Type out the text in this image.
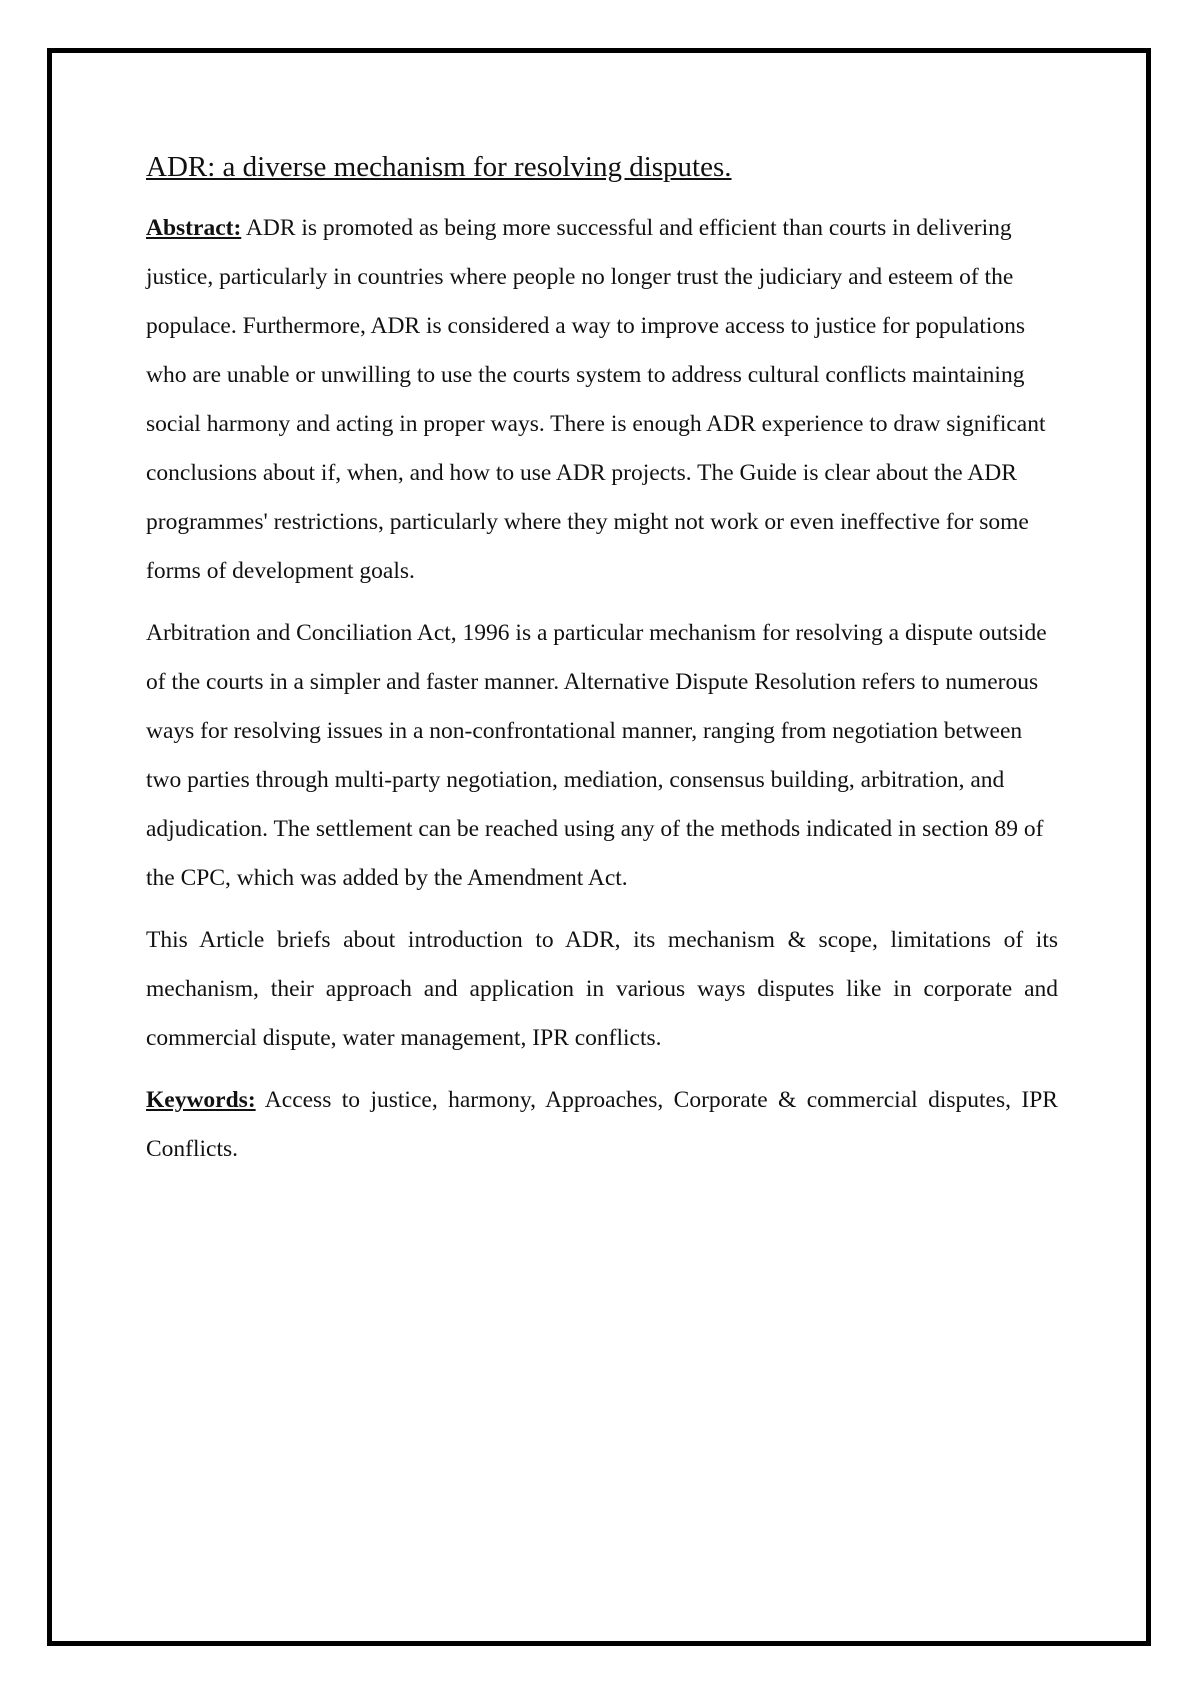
ADR: a diverse mechanism for resolving disputes.

Abstract: ADR is promoted as being more successful and efficient than courts in delivering justice, particularly in countries where people no longer trust the judiciary and esteem of the populace. Furthermore, ADR is considered a way to improve access to justice for populations who are unable or unwilling to use the courts system to address cultural conflicts maintaining social harmony and acting in proper ways. There is enough ADR experience to draw significant conclusions about if, when, and how to use ADR projects. The Guide is clear about the ADR programmes' restrictions, particularly where they might not work or even ineffective for some forms of development goals.

Arbitration and Conciliation Act, 1996 is a particular mechanism for resolving a dispute outside of the courts in a simpler and faster manner. Alternative Dispute Resolution refers to numerous ways for resolving issues in a non-confrontational manner, ranging from negotiation between two parties through multi-party negotiation, mediation, consensus building, arbitration, and adjudication. The settlement can be reached using any of the methods indicated in section 89 of the CPC, which was added by the Amendment Act.

This Article briefs about introduction to ADR, its mechanism & scope, limitations of its mechanism, their approach and application in various ways disputes like in corporate and commercial dispute, water management, IPR conflicts.

Keywords: Access to justice, harmony, Approaches, Corporate & commercial disputes, IPR Conflicts.
